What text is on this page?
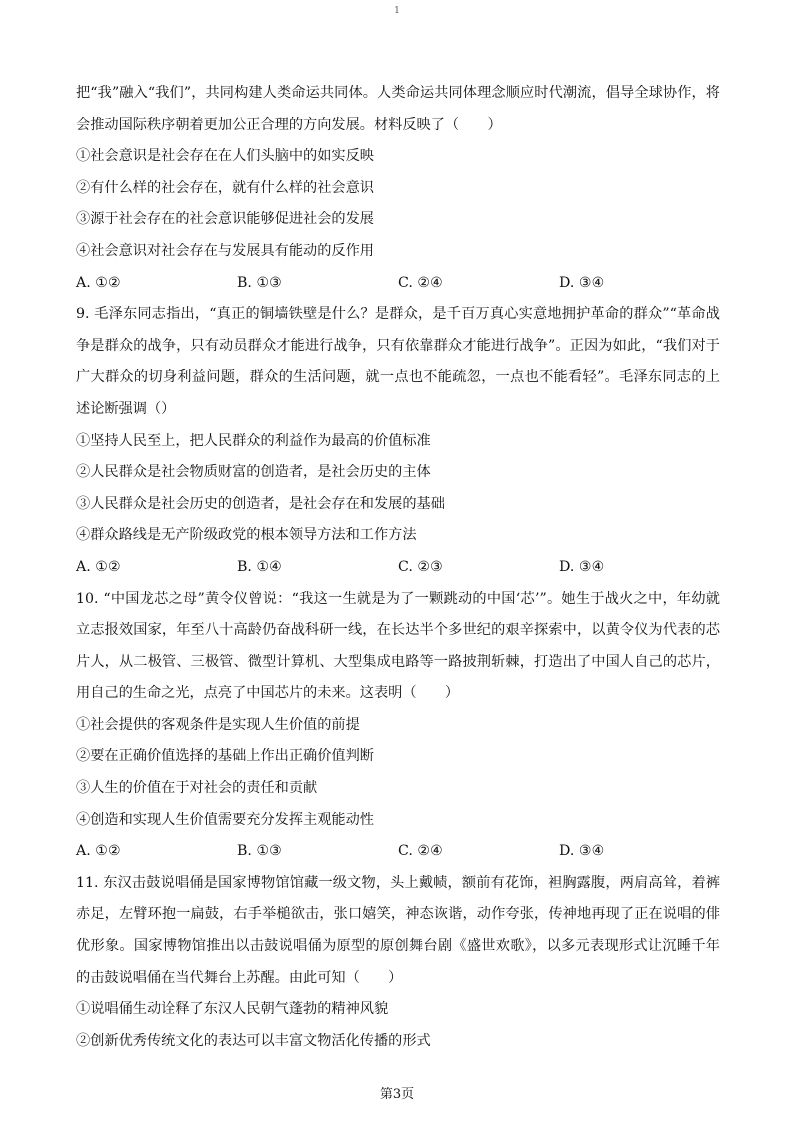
1

把“我”融入“我们”，共同构建人类命运共同体。人类命运共同体理念顺应时代潮流，倡导全球协作，将会推动国际秩序朝着更加公正合理的方向发展。材料反映了（　　）

①社会意识是社会存在在人们头脑中的如实反映

②有什么样的社会存在，就有什么样的社会意识

③源于社会存在的社会意识能够促进社会的发展

④社会意识对社会存在与发展具有能动的反作用

A. ①②	B. ①③	C. ②④	D. ③④

9. 毛泽东同志指出，“真正的铜墙铁壁是什么？是群众，是千百万真心实意地拥护革命的群众”“革命战争是群众的战争，只有动员群众才能进行战争，只有依靠群众才能进行战争”。正因为如此，“我们对于广大群众的切身利益问题，群众的生活问题，就一点也不能疏忽，一点也不能看轻”。毛泽东同志的上述论断强调（）

①坚持人民至上，把人民群众的利益作为最高的价值标准

②人民群众是社会物质财富的创造者，是社会历史的主体

③人民群众是社会历史的创造者，是社会存在和发展的基础

④群众路线是无产阶级政党的根本领导方法和工作方法

A. ①②	B. ①④	C. ②③	D. ③④

10. “中国龙芯之母”黄令仪曾说：“我这一生就是为了一颗跳动的中国‘芯’”。她生于战火之中，年幼就立志报效国家，年至八十高龄仍奋战科研一线，在长达半个多世纪的艰辛探索中，以黄令仪为代表的芯片人，从二极管、三极管、微型计算机、大型集成电路等一路披荆斩棘，打造出了中国人自己的芯片，用自己的生命之光，点亮了中国芯片的未来。这表明（　　）

①社会提供的客观条件是实现人生价值的前提

②要在正确价值选择的基础上作出正确价值判断

③人生的价值在于对社会的责任和贡献

④创造和实现人生价值需要充分发挥主观能动性

A. ①②	B. ①③	C. ②④	D. ③④

11. 东汉击鼓说唱俑是国家博物馆馆藏一级文物，头上戴帻，额前有花饰，袒胸露腹，两肩高耸，着裤赤足，左臂环抱一扁鼓，右手举槌欲击，张口嬉笑，神态诙谐，动作夸张，传神地再现了正在说唱的俳优形象。国家博物馆推出以击鼓说唱俑为原型的原创舞台剧《盛世欢歌》，以多元表现形式让沉睡千年的击鼓说唱俑在当代舞台上苏醒。由此可知（　　）

①说唱俑生动诠释了东汉人民朝气蓬勃的精神风貌

②创新优秀传统文化的表达可以丰富文物活化传播的形式

第3页
